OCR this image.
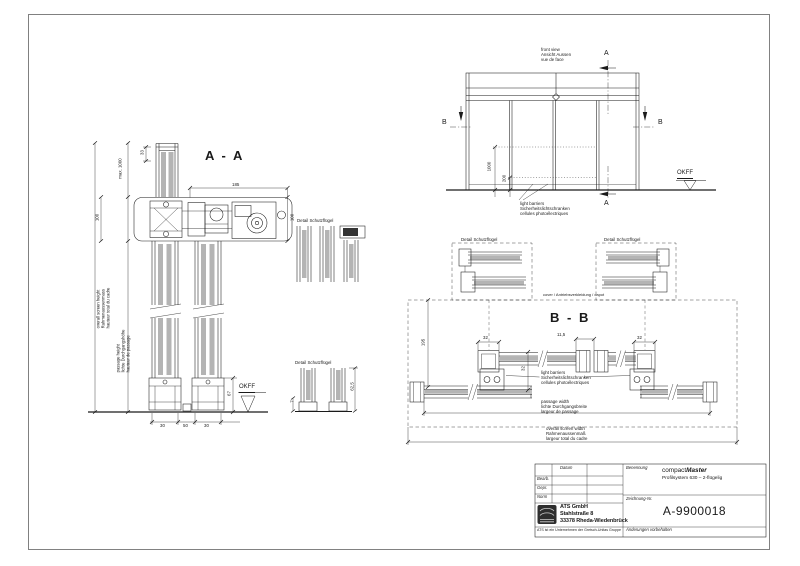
A - A
overall screen height Rahmenaussenmass hauteur total du cadre
passage height lichte Durchgangshöhe hauteur de passage
max. 1000
33
185
100	100
30	50	30
67
OKFF
Detail Schutzflügel
Detail Schutzflügel
Detail Schutzflügel	Detail Schutzflügel
7
62,5
front view
Ansicht Aussen
vue de face
A
A
B	B
1000
200
light barriers
Sicherheitslichtschranken
cellules photoélectriques
OKFF
B - B
cover / Antriebsverkleidung / capot
195
32
11,5
32
32
light barriers
Sicherheitslichtschranken
cellules photoélectriques
passage width
lichte Durchgangsbreite
largeur de passage
overall screen width
Rahmenaussenmaß
largeur total du cadre
Datum
Bearb.
Gepr.
Norm
Benennung compactMaster
Profilsystem 630 – 2-flügelig
Zeichnung-Nr.
A-9900018
ATS GmbH
Stahlstraße 8
33378 Rheda-Wiedenbrück
ATS ist ein Unternehmen der Gretsch-Unitas Gruppe Änderungen vorbehalten
